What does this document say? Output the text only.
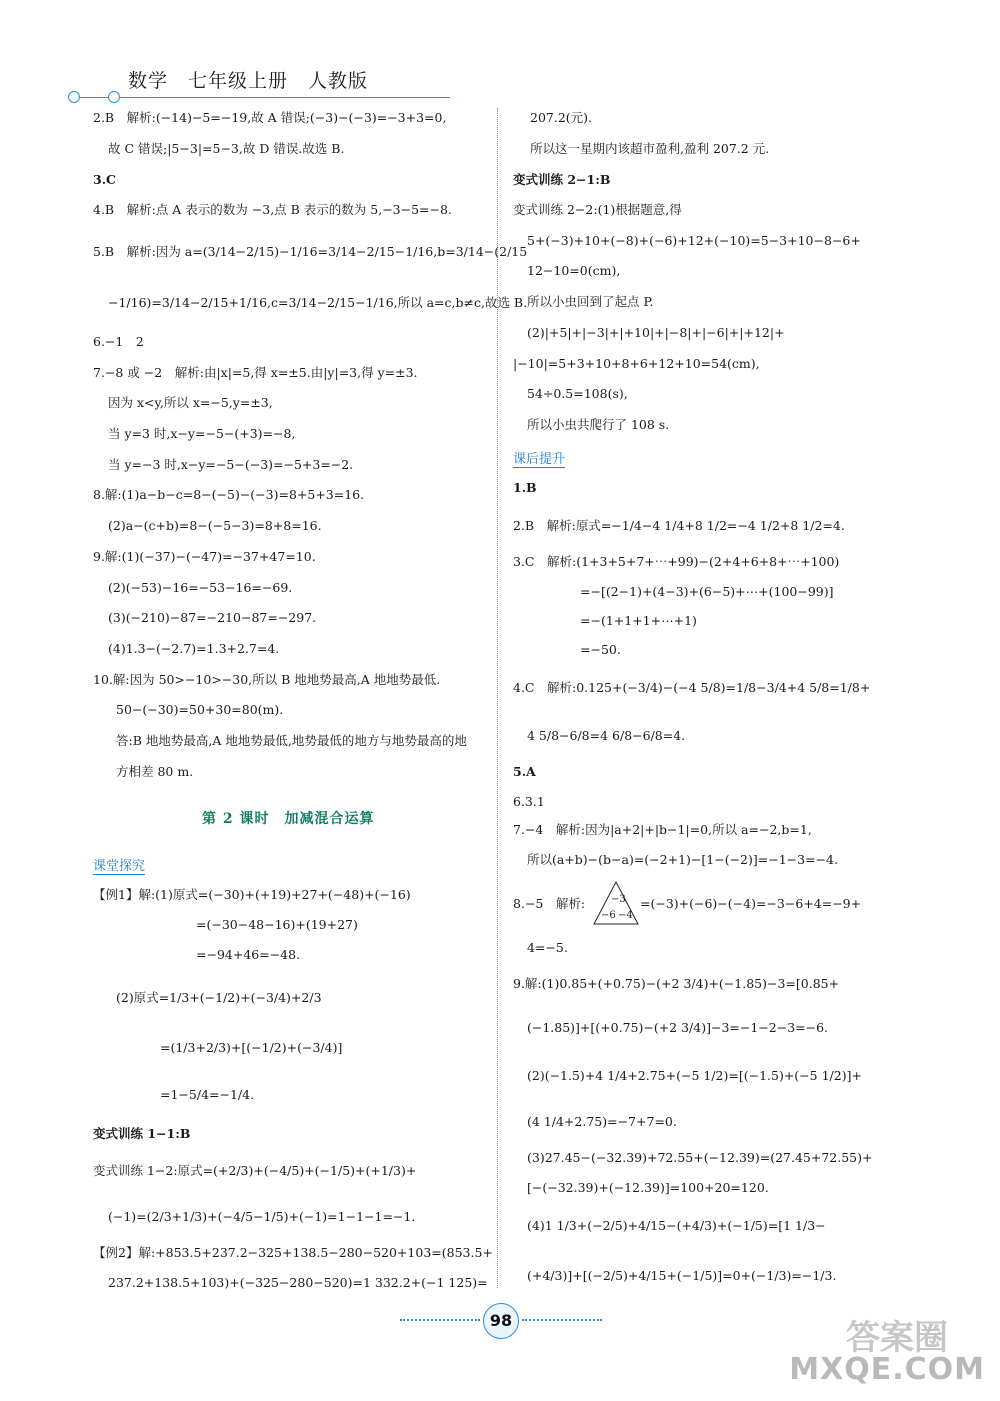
数学　七年级上册　人教版
2.B　解析:(−14)−5=−19,故 A 错误;(−3)−(−3)=−3+3=0,
故 C 错误;|5−3|=5−3,故 D 错误.故选 B.
3.C
4.B　解析:点 A 表示的数为 −3,点 B 表示的数为 5,−3−5=−8.
5.B　解析:因为 a=(3/14−2/15)−1/16=3/14−2/15−1/16,b=3/14−(2/15
−1/16)=3/14−2/15+1/16,c=3/14−2/15−1/16,所以 a=c,b≠c,故选 B.
6.−1　2
7.−8 或 −2　解析:由|x|=5,得 x=±5.由|y|=3,得 y=±3.
因为 x<y,所以 x=−5,y=±3,
当 y=3 时,x−y=−5−(+3)=−8,
当 y=−3 时,x−y=−5−(−3)=−5+3=−2.
8.解:(1)a−b−c=8−(−5)−(−3)=8+5+3=16.
(2)a−(c+b)=8−(−5−3)=8+8=16.
9.解:(1)(−37)−(−47)=−37+47=10.
(2)(−53)−16=−53−16=−69.
(3)(−210)−87=−210−87=−297.
(4)1.3−(−2.7)=1.3+2.7=4.
10.解:因为 50>−10>−30,所以 B 地地势最高,A 地地势最低.
50−(−30)=50+30=80(m).
答:B 地地势最高,A 地地势最低,地势最低的地方与地势最高的地
方相差 80 m.
第 2 课时　加减混合运算
课堂探究
【例1】解:(1)原式=(−30)+(+19)+27+(−48)+(−16)
=(−30−48−16)+(19+27)
=−94+46=−48.
(2)原式=1/3+(−1/2)+(−3/4)+2/3
=(1/3+2/3)+[(−1/2)+(−3/4)]
=1−5/4=−1/4.
变式训练 1−1:B
变式训练 1−2:原式=(+2/3)+(−4/5)+(−1/5)+(+1/3)+
(−1)=(2/3+1/3)+(−4/5−1/5)+(−1)=1−1−1=−1.
【例2】解:+853.5+237.2−325+138.5−280−520+103=(853.5+
237.2+138.5+103)+(−325−280−520)=1 332.2+(−1 125)=
207.2(元).
所以这一星期内该超市盈利,盈利 207.2 元.
变式训练 2−1:B
变式训练 2−2:(1)根据题意,得
5+(−3)+10+(−8)+(−6)+12+(−10)=5−3+10−8−6+
12−10=0(cm),
所以小虫回到了起点 P.
(2)|+5|+|−3|+|+10|+|−8|+|−6|+|+12|+
|−10|=5+3+10+8+6+12+10=54(cm),
54÷0.5=108(s),
所以小虫共爬行了 108 s.
课后提升
1.B
2.B　解析:原式=−1/4−4 1/4+8 1/2=−4 1/2+8 1/2=4.
3.C　解析:(1+3+5+7+⋯+99)−(2+4+6+8+⋯+100)
=−[(2−1)+(4−3)+(6−5)+⋯+(100−99)]
=−(1+1+1+⋯+1)
=−50.
4.C　解析:0.125+(−3/4)−(−4 5/8)=1/8−3/4+4 5/8=1/8+
4 5/8−6/8=4 6/8−6/8=4.
5.A
6.3.1
7.−4　解析:因为|a+2|+|b−1|=0,所以 a=−2,b=1,
所以(a+b)−(b−a)=(−2+1)−[1−(−2)]=−1−3=−4.
8.−5　解析:	−3
−6 −4
=(−3)+(−6)−(−4)=−3−6+4=−9+
4=−5.
9.解:(1)0.85+(+0.75)−(+2 3/4)+(−1.85)−3=[0.85+
(−1.85)]+[(+0.75)−(+2 3/4)]−3=−1−2−3=−6.
(2)(−1.5)+4 1/4+2.75+(−5 1/2)=[(−1.5)+(−5 1/2)]+
(4 1/4+2.75)=−7+7=0.
(3)27.45−(−32.39)+72.55+(−12.39)=(27.45+72.55)+
[−(−32.39)+(−12.39)]=100+20=120.
(4)1 1/3+(−2/5)+4/15−(+4/3)+(−1/5)=[1 1/3−
(+4/3)]+[(−2/5)+4/15+(−1/5)]=0+(−1/3)=−1/3.
98	答案圈
MXQE.COM
